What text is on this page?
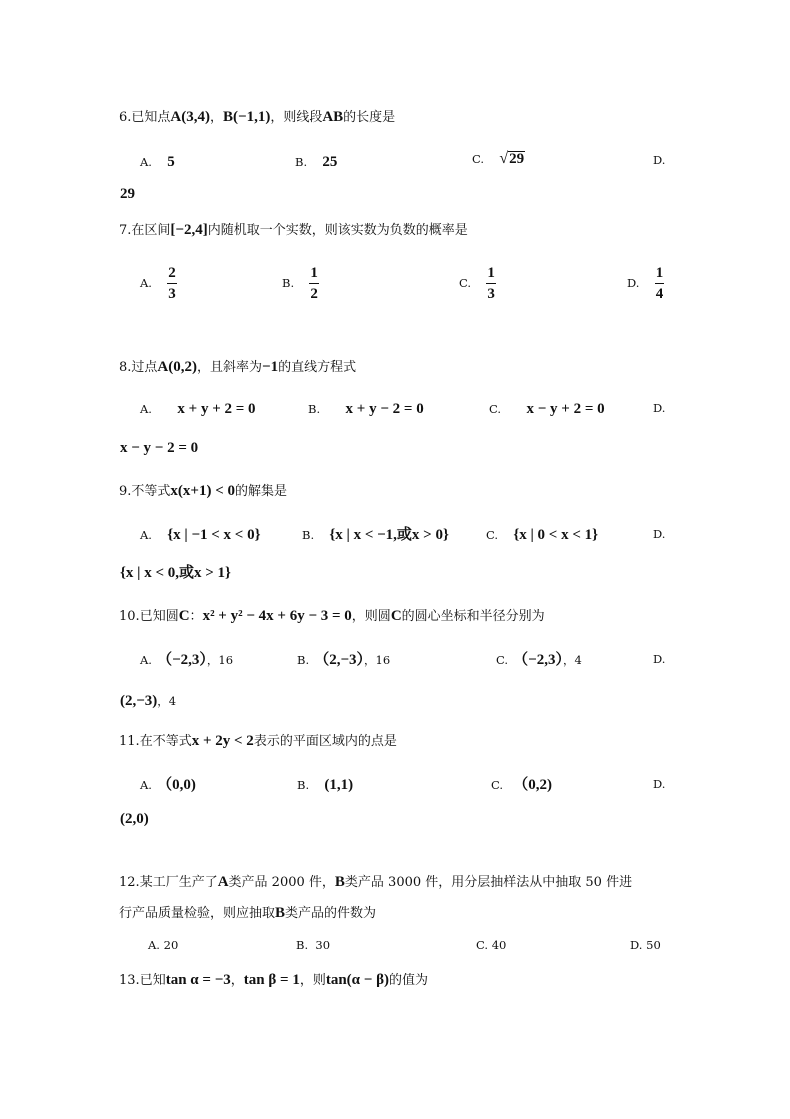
6.已知点A(3,4)，B(−1,1)，则线段AB的长度是
A. 5	B. 25	C. √ 29	D.
29
7.在区间[−2,4]内随机取一个实数，则该实数为负数的概率是
A. $\frac{2}{3}$	B. $\frac{1}{2}$	C. $\frac{1}{3}$	D. $\frac{1}{4}$
8.过点A(0,2)，且斜率为−1的直线方程式
A. x + y + 2 = 0	B. x + y − 2 = 0	C. x − y + 2 = 0	D.
x − y − 2 = 0
9.不等式x(x+1) < 0的解集是
A. {x | −1 < x < 0}	B. {x | x < −1,或x > 0}	C. {x | 0 < x < 1}	D.
{x | x < 0,或x > 1}
10.已知圆C：x² + y² − 4x + 6y − 3 = 0，则圆C的圆心坐标和半径分别为
A. （−2,3），16	B. （2,−3），16	C. （−2,3），4	D.
(2,−3)，4
11.在不等式x + 2y < 2表示的平面区域内的点是
A. （0,0)	B. (1,1)	C. （0,2)	D.
(2,0)
12.某工厂生产了A类产品 2000 件，B类产品 3000 件，用分层抽样法从中抽取 50 件进
行产品质量检验，则应抽取B类产品的件数为
A. 20	B. 30	C. 40	D. 50
13.已知tan α = −3，tan β = 1，则tan(α − β)的值为
